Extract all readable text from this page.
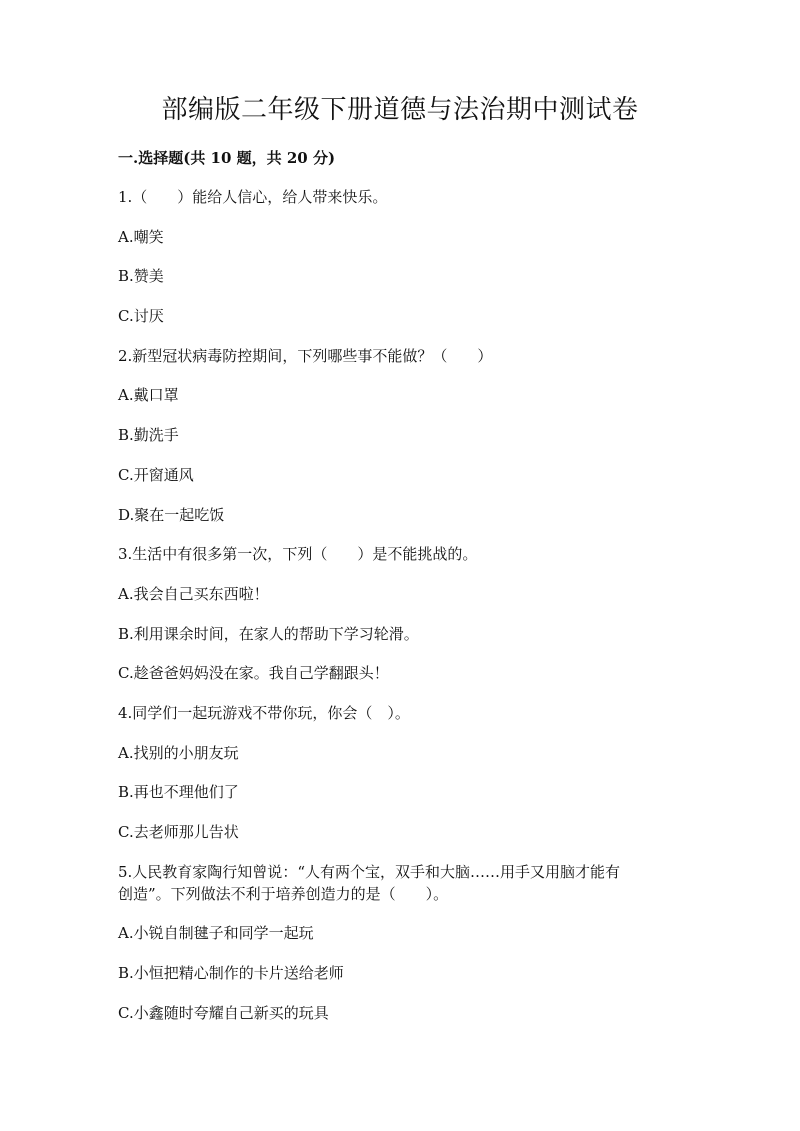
部编版二年级下册道德与法治期中测试卷
一.选择题(共 10 题，共 20 分)
1.（　　）能给人信心，给人带来快乐。
A.嘲笑
B.赞美
C.讨厌
2.新型冠状病毒防控期间，下列哪些事不能做？（　　）
A.戴口罩
B.勤洗手
C.开窗通风
D.聚在一起吃饭
3.生活中有很多第一次，下列（　　）是不能挑战的。
A.我会自己买东西啦！
B.利用课余时间，在家人的帮助下学习轮滑。
C.趁爸爸妈妈没在家。我自己学翻跟头！
4.同学们一起玩游戏不带你玩，你会（　）。
A.找别的小朋友玩
B.再也不理他们了
C.去老师那儿告状
5.人民教育家陶行知曾说：“人有两个宝，双手和大脑……用手又用脑才能有
创造”。下列做法不利于培养创造力的是（　　）。
A.小锐自制毽子和同学一起玩
B.小恒把精心制作的卡片送给老师
C.小鑫随时夸耀自己新买的玩具
